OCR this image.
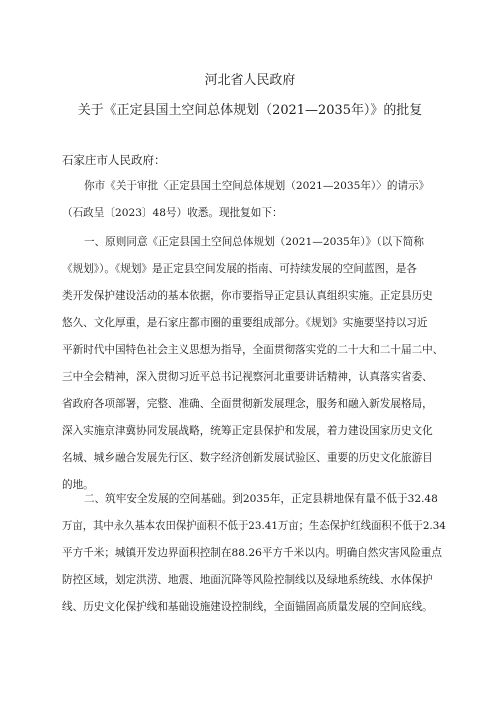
河北省人民政府
关于《正定县国土空间总体规划（2021—2035年）》的批复
石家庄市人民政府：
你市《关于审批〈正定县国土空间总体规划（2021—2035年）〉的请示》
（石政呈〔2023〕48号）收悉。现批复如下：
一、原则同意《正定县国土空间总体规划（2021—2035年）》（以下简称
《规划》）。《规划》是正定县空间发展的指南、可持续发展的空间蓝图，是各
类开发保护建设活动的基本依据，你市要指导正定县认真组织实施。正定县历史
悠久、文化厚重，是石家庄都市圈的重要组成部分。《规划》实施要坚持以习近
平新时代中国特色社会主义思想为指导，全面贯彻落实党的二十大和二十届二中、
三中全会精神，深入贯彻习近平总书记视察河北重要讲话精神，认真落实省委、
省政府各项部署，完整、准确、全面贯彻新发展理念，服务和融入新发展格局，
深入实施京津冀协同发展战略，统筹正定县保护和发展，着力建设国家历史文化
名城、城乡融合发展先行区、数字经济创新发展试验区、重要的历史文化旅游目
的地。
二、筑牢安全发展的空间基础。到2035年，正定县耕地保有量不低于32.48
万亩，其中永久基本农田保护面积不低于23.41万亩；生态保护红线面积不低于2.34
平方千米；城镇开发边界面积控制在88.26平方千米以内。明确自然灾害风险重点
防控区域，划定洪涝、地震、地面沉降等风险控制线以及绿地系统线、水体保护
线、历史文化保护线和基础设施建设控制线，全面锚固高质量发展的空间底线。
